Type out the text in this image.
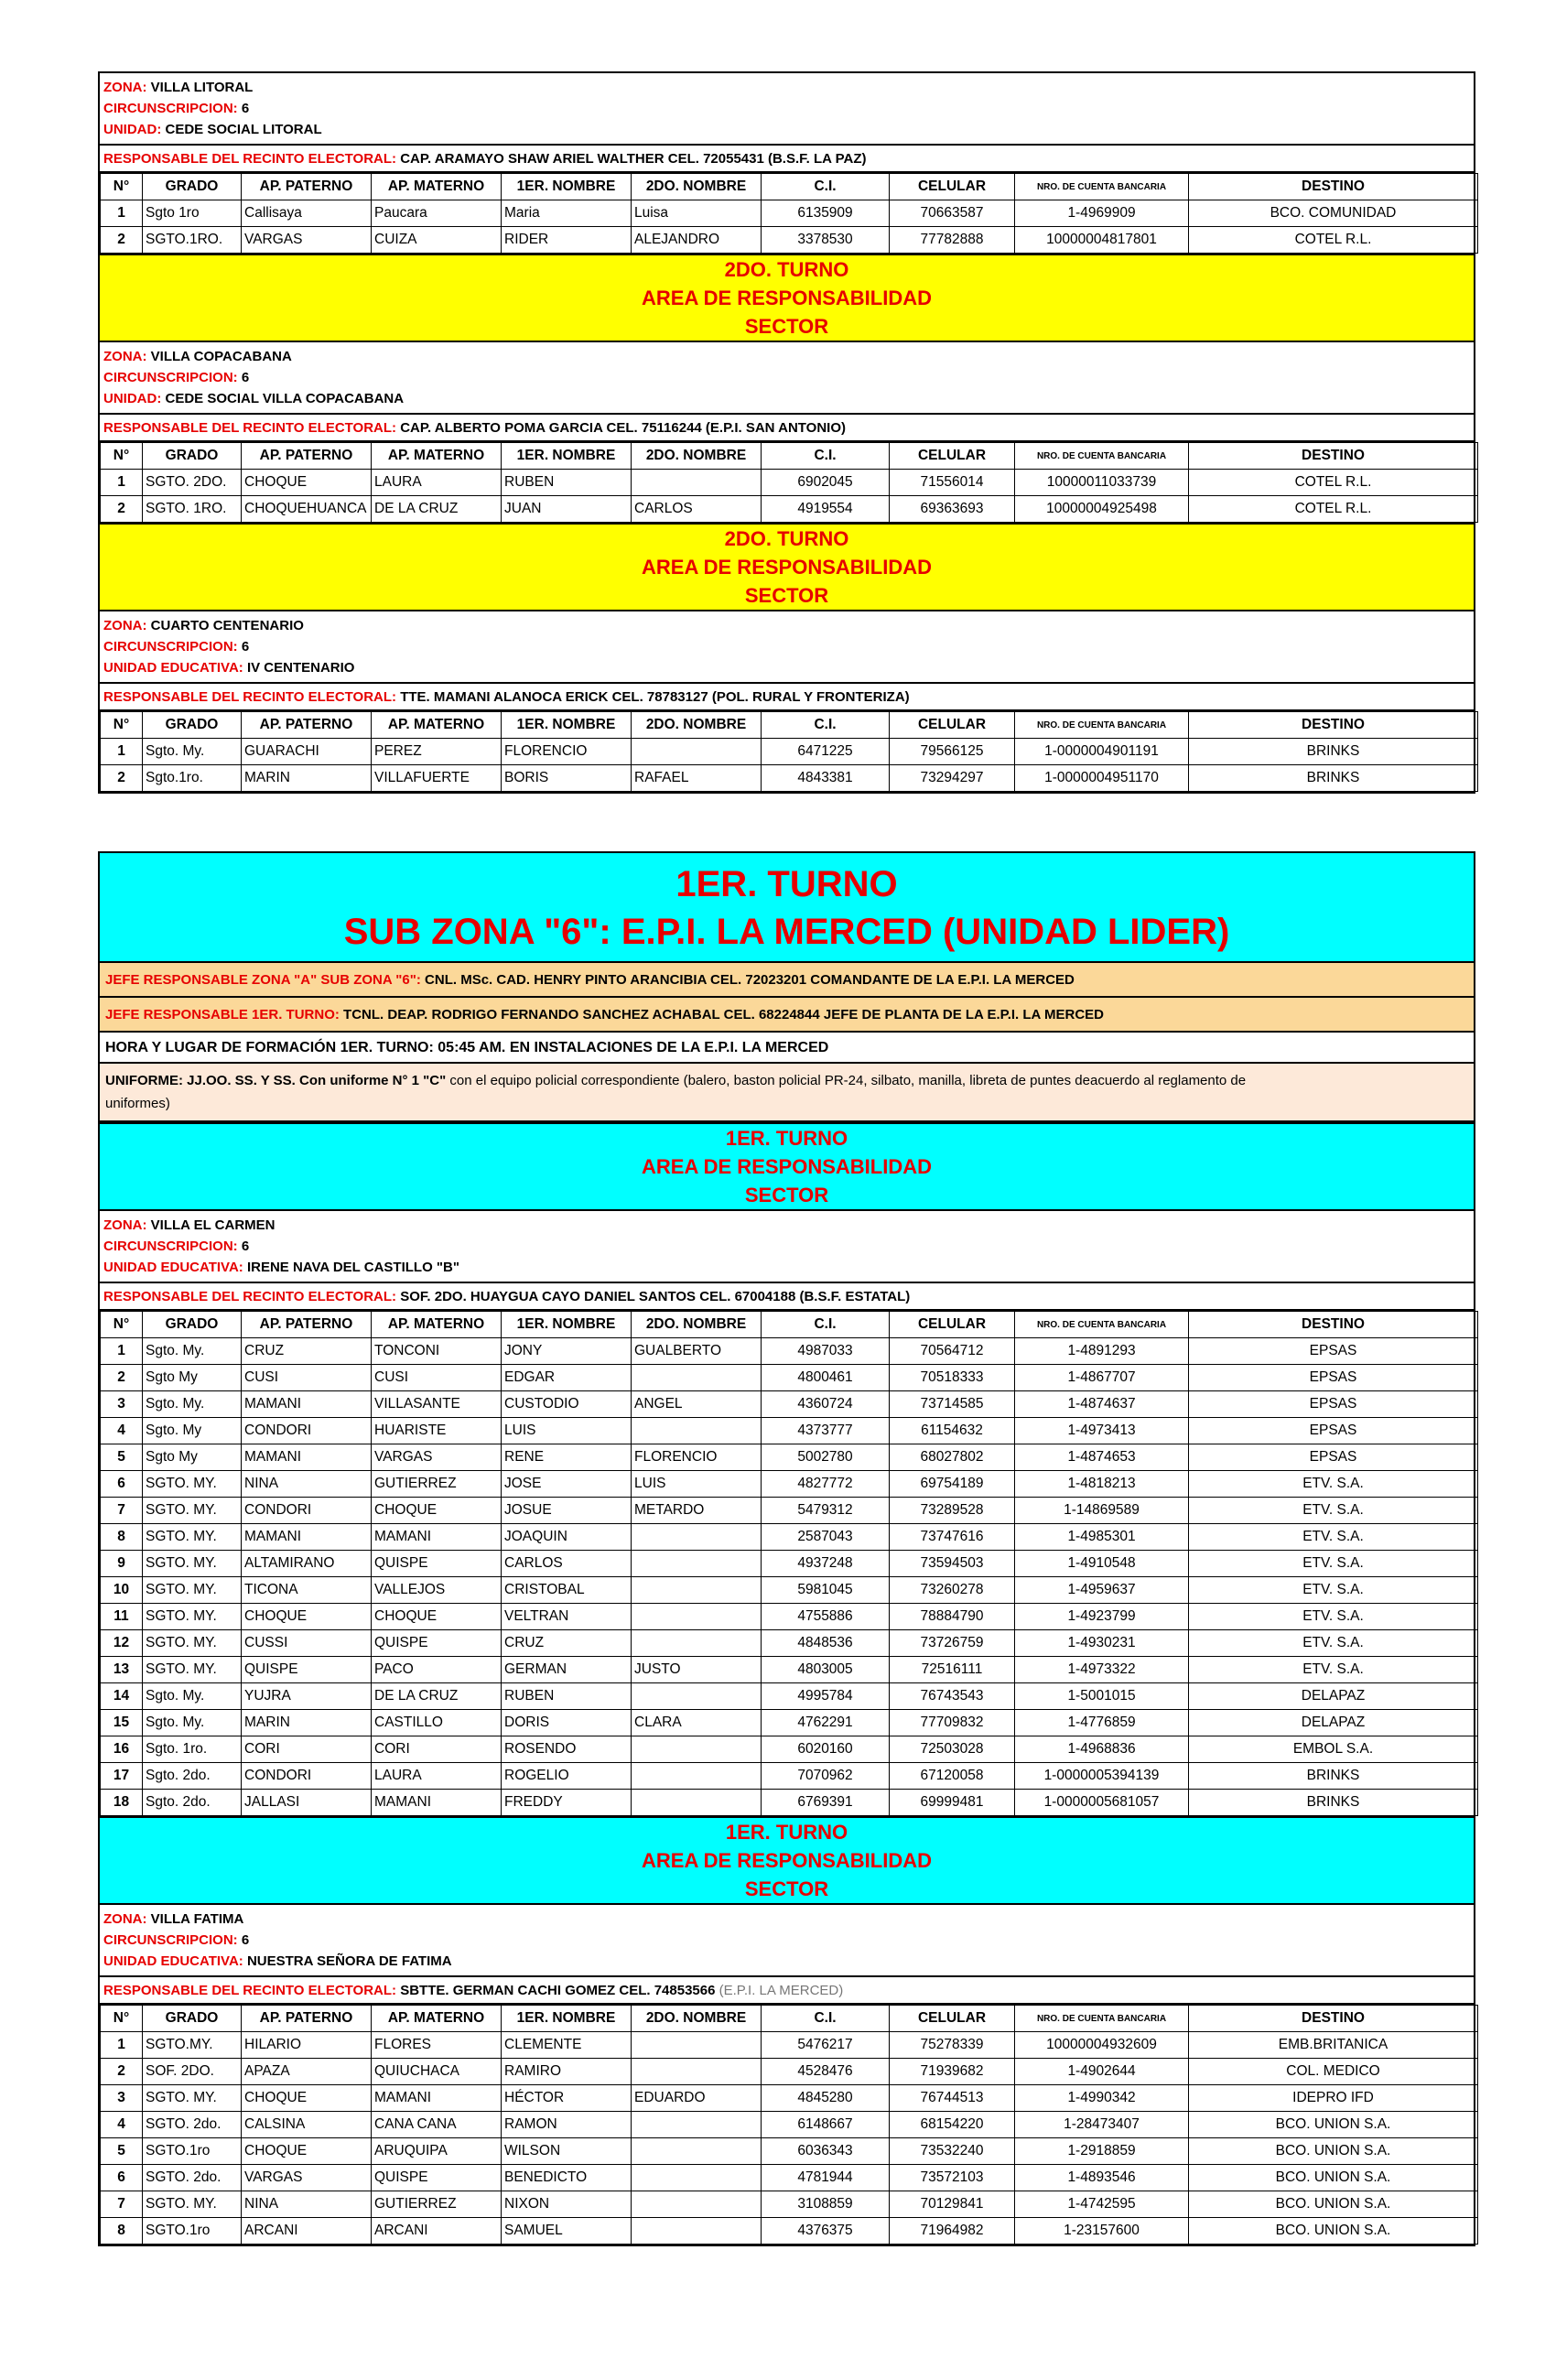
ZONA: VILLA LITORAL
CIRCUNSCRIPCION: 6
UNIDAD: CEDE SOCIAL LITORAL
RESPONSABLE DEL RECINTO ELECTORAL: CAP. ARAMAYO SHAW ARIEL WALTHER CEL. 72055431 (B.S.F. LA PAZ)
N°	GRADO	AP. PATERNO	AP. MATERNO	1ER. NOMBRE	2DO. NOMBRE	C.I.	CELULAR	NRO. DE CUENTA BANCARIA	DESTINO
1	Sgto 1ro	Callisaya	Paucara	Maria	Luisa	6135909	70663587	1-4969909	BCO. COMUNIDAD
2	SGTO.1RO.	VARGAS	CUIZA	RIDER	ALEJANDRO	3378530	77782888	10000004817801	COTEL R.L.
2DO. TURNO
AREA DE RESPONSABILIDAD
SECTOR
ZONA: VILLA COPACABANA
CIRCUNSCRIPCION: 6
UNIDAD: CEDE SOCIAL VILLA COPACABANA
RESPONSABLE DEL RECINTO ELECTORAL: CAP. ALBERTO POMA GARCIA CEL. 75116244 (E.P.I. SAN ANTONIO)
N°	GRADO	AP. PATERNO	AP. MATERNO	1ER. NOMBRE	2DO. NOMBRE	C.I.	CELULAR	NRO. DE CUENTA BANCARIA	DESTINO
1	SGTO. 2DO.	CHOQUE	LAURA	RUBEN		6902045	71556014	10000011033739	COTEL R.L.
2	SGTO. 1RO.	CHOQUEHUANCA	DE LA CRUZ	JUAN	CARLOS	4919554	69363693	10000004925498	COTEL R.L.
2DO. TURNO
AREA DE RESPONSABILIDAD
SECTOR
ZONA: CUARTO CENTENARIO
CIRCUNSCRIPCION: 6
UNIDAD EDUCATIVA: IV CENTENARIO
RESPONSABLE DEL RECINTO ELECTORAL: TTE. MAMANI ALANOCA ERICK CEL. 78783127 (POL. RURAL Y FRONTERIZA)
N°	GRADO	AP. PATERNO	AP. MATERNO	1ER. NOMBRE	2DO. NOMBRE	C.I.	CELULAR	NRO. DE CUENTA BANCARIA	DESTINO
1	Sgto. My.	GUARACHI	PEREZ	FLORENCIO		6471225	79566125	1-0000004901191	BRINKS
2	Sgto.1ro.	MARIN	VILLAFUERTE	BORIS	RAFAEL	4843381	73294297	1-0000004951170	BRINKS
1ER. TURNO
SUB ZONA "6": E.P.I. LA MERCED (UNIDAD LIDER)
JEFE RESPONSABLE ZONA "A" SUB ZONA "6": CNL. MSc. CAD. HENRY PINTO ARANCIBIA CEL. 72023201 COMANDANTE DE LA E.P.I. LA MERCED
JEFE RESPONSABLE 1ER. TURNO: TCNL. DEAP. RODRIGO FERNANDO SANCHEZ ACHABAL CEL. 68224844 JEFE DE PLANTA DE LA E.P.I. LA MERCED
HORA Y LUGAR DE FORMACIÓN 1ER. TURNO: 05:45 AM. EN INSTALACIONES DE LA E.P.I. LA MERCED
UNIFORME: JJ.OO. SS. Y SS. Con uniforme N° 1 "C" con el equipo policial correspondiente (balero, baston policial PR-24, silbato, manilla, libreta de puntes deacuerdo al reglamento de
uniformes)
1ER. TURNO
AREA DE RESPONSABILIDAD
SECTOR
ZONA: VILLA EL CARMEN
CIRCUNSCRIPCION: 6
UNIDAD EDUCATIVA: IRENE NAVA DEL CASTILLO "B"
RESPONSABLE DEL RECINTO ELECTORAL: SOF. 2DO. HUAYGUA CAYO DANIEL SANTOS CEL. 67004188 (B.S.F. ESTATAL)
N°	GRADO	AP. PATERNO	AP. MATERNO	1ER. NOMBRE	2DO. NOMBRE	C.I.	CELULAR	NRO. DE CUENTA BANCARIA	DESTINO
1	Sgto. My.	CRUZ	TONCONI	JONY	GUALBERTO	4987033	70564712	1-4891293	EPSAS
2	Sgto My	CUSI	CUSI	EDGAR		4800461	70518333	1-4867707	EPSAS
3	Sgto. My.	MAMANI	VILLASANTE	CUSTODIO	ANGEL	4360724	73714585	1-4874637	EPSAS
4	Sgto. My	CONDORI	HUARISTE	LUIS		4373777	61154632	1-4973413	EPSAS
5	Sgto My	MAMANI	VARGAS	RENE	FLORENCIO	5002780	68027802	1-4874653	EPSAS
6	SGTO. MY.	NINA	GUTIERREZ	JOSE	LUIS	4827772	69754189	1-4818213	ETV. S.A.
7	SGTO. MY.	CONDORI	CHOQUE	JOSUE	METARDO	5479312	73289528	1-14869589	ETV. S.A.
8	SGTO. MY.	MAMANI	MAMANI	JOAQUIN		2587043	73747616	1-4985301	ETV. S.A.
9	SGTO. MY.	ALTAMIRANO	QUISPE	CARLOS		4937248	73594503	1-4910548	ETV. S.A.
10	SGTO. MY.	TICONA	VALLEJOS	CRISTOBAL		5981045	73260278	1-4959637	ETV. S.A.
11	SGTO. MY.	CHOQUE	CHOQUE	VELTRAN		4755886	78884790	1-4923799	ETV. S.A.
12	SGTO. MY.	CUSSI	QUISPE	CRUZ		4848536	73726759	1-4930231	ETV. S.A.
13	SGTO. MY.	QUISPE	PACO	GERMAN	JUSTO	4803005	72516111	1-4973322	ETV. S.A.
14	Sgto. My.	YUJRA	DE LA CRUZ	RUBEN		4995784	76743543	1-5001015	DELAPAZ
15	Sgto. My.	MARIN	CASTILLO	DORIS	CLARA	4762291	77709832	1-4776859	DELAPAZ
16	Sgto. 1ro.	CORI	CORI	ROSENDO		6020160	72503028	1-4968836	EMBOL S.A.
17	Sgto. 2do.	CONDORI	LAURA	ROGELIO		7070962	67120058	1-0000005394139	BRINKS
18	Sgto. 2do.	JALLASI	MAMANI	FREDDY		6769391	69999481	1-0000005681057	BRINKS
1ER. TURNO
AREA DE RESPONSABILIDAD
SECTOR
ZONA: VILLA FATIMA
CIRCUNSCRIPCION: 6
UNIDAD EDUCATIVA: NUESTRA SEÑORA DE FATIMA
RESPONSABLE DEL RECINTO ELECTORAL: SBTTE. GERMAN CACHI GOMEZ CEL. 74853566 (E.P.I. LA MERCED)
N°	GRADO	AP. PATERNO	AP. MATERNO	1ER. NOMBRE	2DO. NOMBRE	C.I.	CELULAR	NRO. DE CUENTA BANCARIA	DESTINO
1	SGTO.MY.	HILARIO	FLORES	CLEMENTE		5476217	75278339	10000004932609	EMB.BRITANICA
2	SOF. 2DO.	APAZA	QUIUCHACA	RAMIRO		4528476	71939682	1-4902644	COL. MEDICO
3	SGTO. MY.	CHOQUE	MAMANI	HÉCTOR	EDUARDO	4845280	76744513	1-4990342	IDEPRO IFD
4	SGTO. 2do.	CALSINA	CANA CANA	RAMON		6148667	68154220	1-28473407	BCO. UNION S.A.
5	SGTO.1ro	CHOQUE	ARUQUIPA	WILSON		6036343	73532240	1-2918859	BCO. UNION S.A.
6	SGTO. 2do.	VARGAS	QUISPE	BENEDICTO		4781944	73572103	1-4893546	BCO. UNION S.A.
7	SGTO. MY.	NINA	GUTIERREZ	NIXON		3108859	70129841	1-4742595	BCO. UNION S.A.
8	SGTO.1ro	ARCANI	ARCANI	SAMUEL		4376375	71964982	1-23157600	BCO. UNION S.A.
